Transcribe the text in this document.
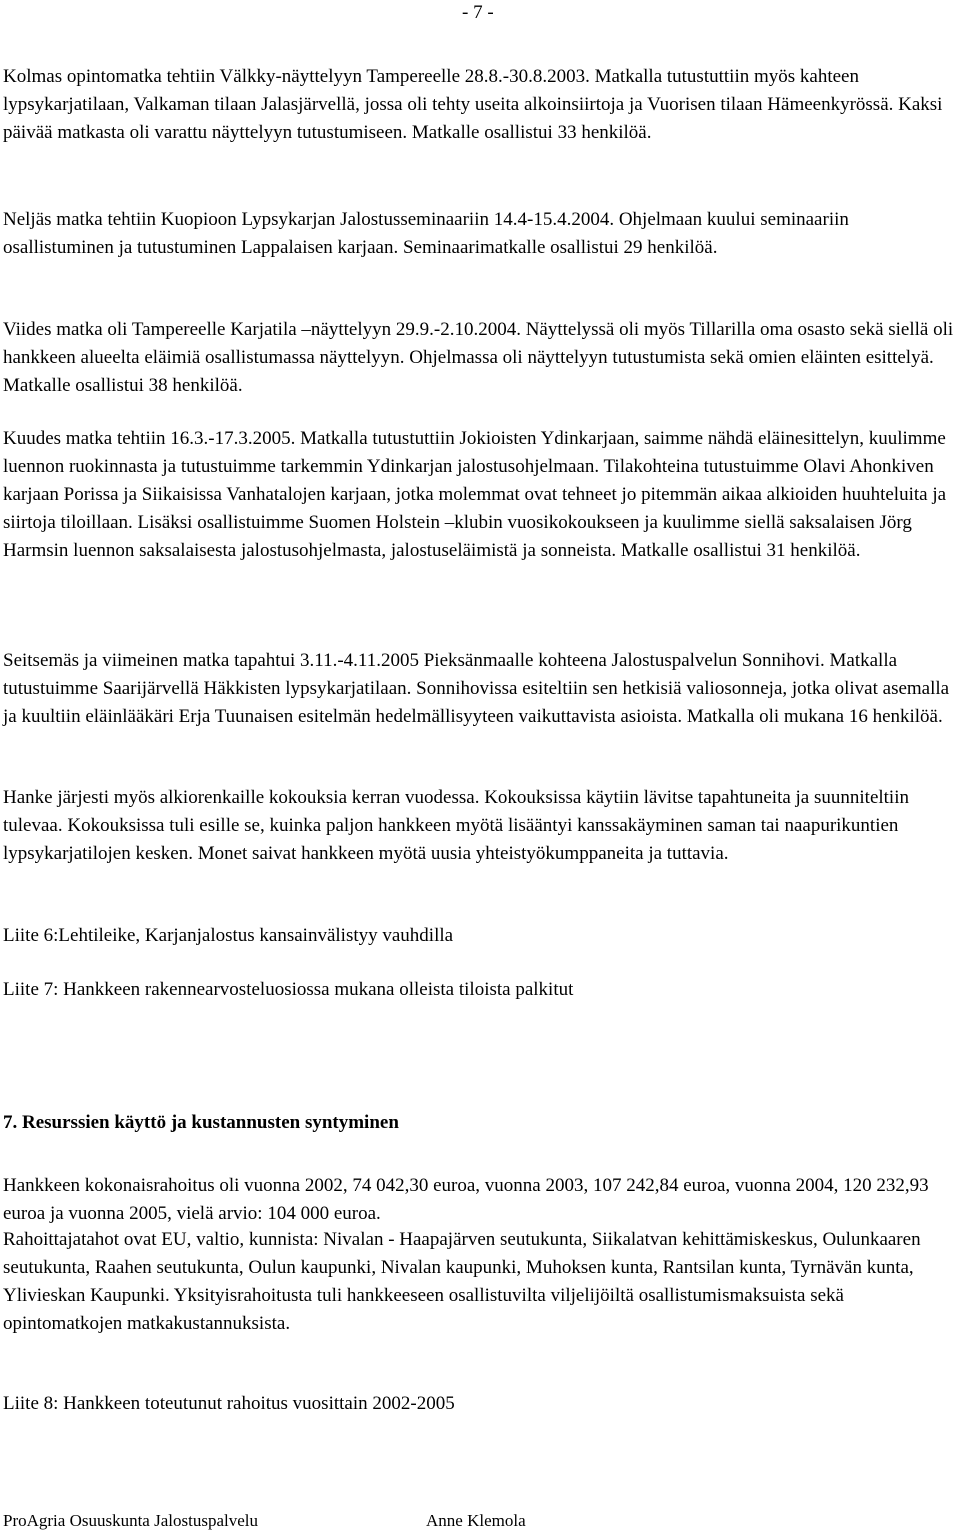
- 7 -

Kolmas opintomatka tehtiin Välkky-näyttelyyn Tampereelle 28.8.-30.8.2003. Matkalla tutustuttiin myös kahteen lypsykarjatilaan, Valkaman tilaan Jalasjärvellä, jossa oli tehty useita alkoinsiirtoja ja Vuorisen tilaan Hämeenkyrössä. Kaksi päivää matkasta oli varattu näyttelyyn tutustumiseen. Matkalle osallistui 33 henkilöä.

Neljäs matka tehtiin Kuopioon Lypsykarjan Jalostusseminaariin 14.4-15.4.2004. Ohjelmaan kuului seminaariin osallistuminen ja tutustuminen Lappalaisen karjaan. Seminaarimatkalle osallistui 29 henkilöä.

Viides matka oli Tampereelle Karjatila –näyttelyyn 29.9.-2.10.2004. Näyttelyssä oli myös Tillarilla oma osasto sekä siellä oli hankkeen alueelta eläimiä osallistumassa näyttelyyn. Ohjelmassa oli näyttelyyn tutustumista sekä omien eläinten esittelyä. Matkalle osallistui 38 henkilöä.

Kuudes matka tehtiin 16.3.-17.3.2005. Matkalla tutustuttiin Jokioisten Ydinkarjaan, saimme nähdä eläinesittelyn, kuulimme luennon ruokinnasta ja tutustuimme tarkemmin Ydinkarjan jalostusohjelmaan. Tilakohteina tutustuimme Olavi Ahonkiven karjaan Porissa ja Siikaisissa Vanhatalojen karjaan, jotka molemmat ovat tehneet jo pitemmän aikaa alkioiden huuhteluita ja siirtoja tiloillaan. Lisäksi osallistuimme Suomen Holstein –klubin vuosikokoukseen ja kuulimme siellä saksalaisen Jörg Harmsin luennon saksalaisesta jalostusohjelmasta, jalostuseläimistä ja sonneista. Matkalle osallistui 31 henkilöä.

Seitsemäs ja viimeinen matka tapahtui 3.11.-4.11.2005 Pieksänmaalle kohteena Jalostuspalvelun Sonnihovi. Matkalla tutustuimme Saarijärvellä Häkkisten lypsykarjatilaan. Sonnihovissa esiteltiin sen hetkisiä valiosonneja, jotka olivat asemalla ja kuultiin eläinlääkäri Erja Tuunaisen esitelmän hedelmällisyyteen vaikuttavista asioista. Matkalla oli mukana 16 henkilöä.

Hanke järjesti myös alkiorenkaille kokouksia kerran vuodessa. Kokouksissa käytiin lävitse tapahtuneita ja suunniteltiin tulevaa. Kokouksissa tuli esille se, kuinka paljon hankkeen myötä lisääntyi kanssakäyminen saman tai naapurikuntien lypsykarjatilojen kesken. Monet saivat hankkeen myötä uusia yhteistyökumppaneita ja tuttavia.

Liite 6:Lehtileike, Karjanjalostus kansainvälistyy vauhdilla

Liite 7: Hankkeen rakennearvosteluosiossa mukana olleista tiloista palkitut

7. Resurssien käyttö ja kustannusten syntyminen

Hankkeen kokonaisrahoitus oli vuonna 2002, 74 042,30 euroa, vuonna 2003, 107 242,84 euroa, vuonna 2004, 120 232,93 euroa ja vuonna 2005, vielä arvio: 104 000 euroa.

Rahoittajatahot ovat EU, valtio, kunnista: Nivalan - Haapajärven seutukunta, Siikalatvan kehittämiskeskus, Oulunkaaren seutukunta, Raahen seutukunta, Oulun kaupunki, Nivalan kaupunki, Muhoksen kunta, Rantsilan kunta, Tyrnävän kunta, Ylivieskan Kaupunki. Yksityisrahoitusta tuli hankkeeseen osallistuvilta viljelijöiltä osallistumismaksuista sekä opintomatkojen matkakustannuksista.

Liite 8: Hankkeen toteutunut rahoitus vuosittain 2002-2005

ProAgria Osuuskunta Jalostuspalvelu	Anne Klemola
